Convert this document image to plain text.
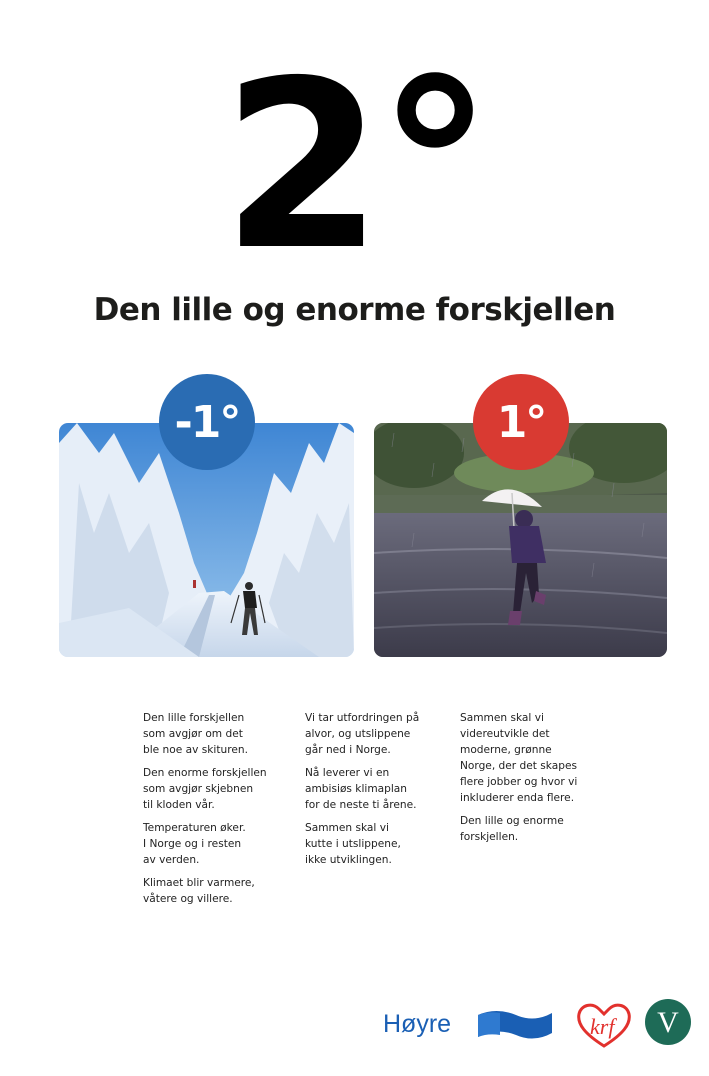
2°
Den lille og enorme forskjellen
-1°	1°

Den lille forskjellen
som avgjør om det
ble noe av skituren.

Den enorme forskjellen
som avgjør skjebnen
til kloden vår.

Temperaturen øker.
I Norge og i resten
av verden.

Klimaet blir varmere,
våtere og villere.

Vi tar utfordringen på
alvor, og utslippene
går ned i Norge.

Nå leverer vi en
ambisiøs klimaplan
for de neste ti årene.

Sammen skal vi
kutte i utslippene,
ikke utviklingen.

Sammen skal vi
videreutvikle det
moderne, grønne
Norge, der det skapes
flere jobber og hvor vi
inkluderer enda flere.

Den lille og enorme
forskjellen.

Høyre	krf V
